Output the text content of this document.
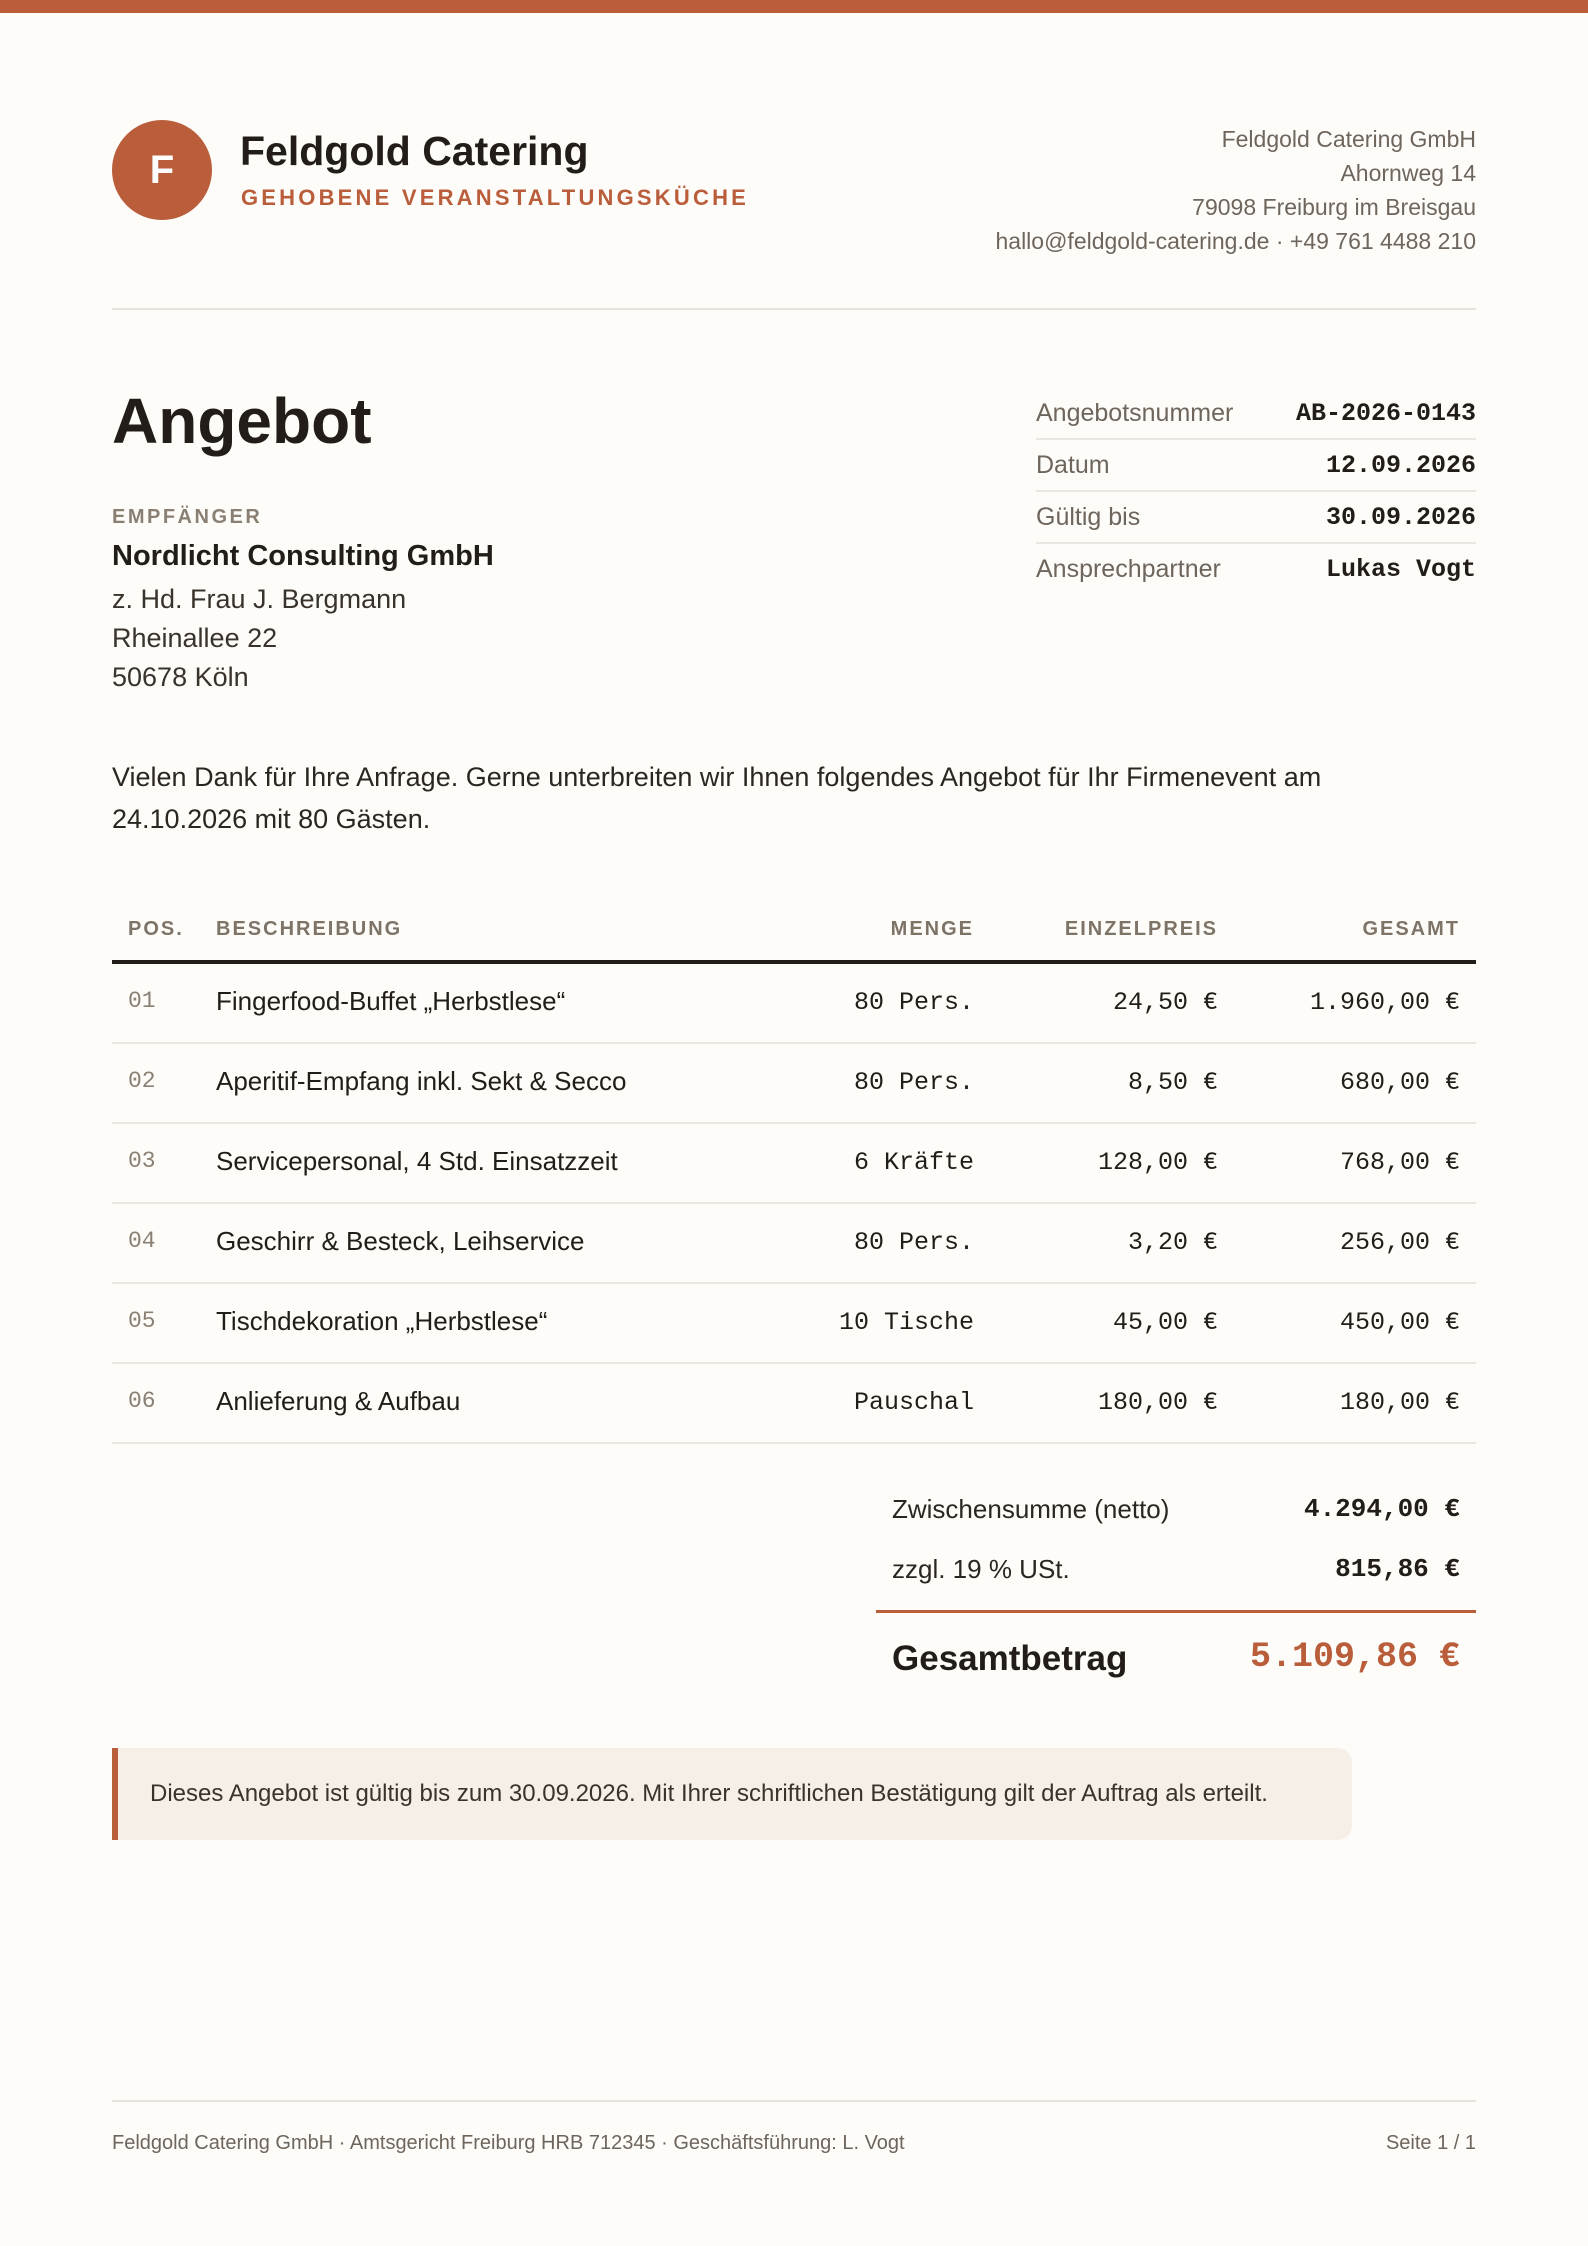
F Feldgold Catering
GEHOBENE VERANSTALTUNGSKÜCHE
Feldgold Catering GmbH
Ahornweg 14
79098 Freiburg im Breisgau
hallo@feldgold-catering.de · +49 761 4488 210
Angebot	Angebotsnummer	AB-2026-0143
Datum	12.09.2026
Gültig bis	30.09.2026
Ansprechpartner	Lukas Vogt
EMPFÄNGER
Nordlicht Consulting GmbH
z. Hd. Frau J. Bergmann
Rheinallee 22
50678 Köln
Vielen Dank für Ihre Anfrage. Gerne unterbreiten wir Ihnen folgendes Angebot für Ihr Firmenevent am 24.10.2026 mit 80 Gästen.
POS. BESCHREIBUNG	MENGE	EINZELPREIS	GESAMT
01 Fingerfood-Buffet „Herbstlese“	80 Pers.	24,50 €	1.960,00 €
02 Aperitif-Empfang inkl. Sekt & Secco	80 Pers.	8,50 €	680,00 €
03 Servicepersonal, 4 Std. Einsatzzeit	6 Kräfte	128,00 €	768,00 €
04 Geschirr & Besteck, Leihservice	80 Pers.	3,20 €	256,00 €
05 Tischdekoration „Herbstlese“	10 Tische	45,00 €	450,00 €
06 Anlieferung & Aufbau	Pauschal	180,00 €	180,00 €
Zwischensumme (netto)	4.294,00 €
zzgl. 19 % USt.	815,86 €
Gesamtbetrag	5.109,86 €
Dieses Angebot ist gültig bis zum 30.09.2026. Mit Ihrer schriftlichen Bestätigung gilt der Auftrag als erteilt.
Feldgold Catering GmbH · Amtsgericht Freiburg HRB 712345 · Geschäftsführung: L. Vogt	Seite 1 / 1
